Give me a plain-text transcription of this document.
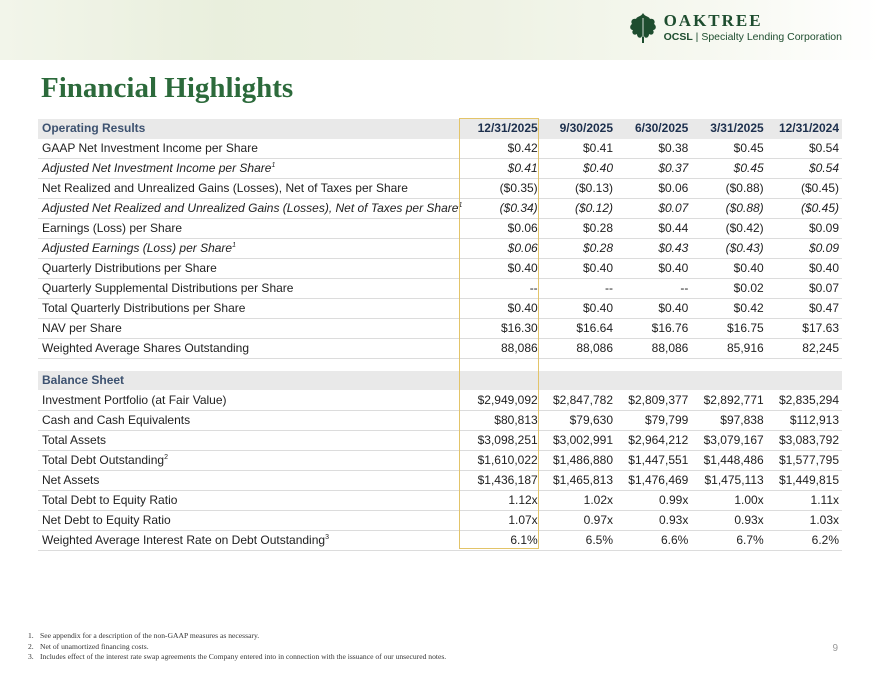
OAKTREE
OCSL | Specialty Lending Corporation
Financial Highlights
Operating Results	12/31/2025	9/30/2025	6/30/2025	3/31/2025	12/31/2024
GAAP Net Investment Income per Share	$0.42	$0.41	$0.38	$0.45	$0.54
Adjusted Net Investment Income per Share$^1$	$0.41	$0.40	$0.37	$0.45	$0.54
Net Realized and Unrealized Gains (Losses), Net of Taxes per Share	($0.35)	($0.13)	$0.06	($0.88)	($0.45)
Adjusted Net Realized and Unrealized Gains (Losses), Net of Taxes per Share$^1$	($0.34)	($0.12)	$0.07	($0.88)	($0.45)
Earnings (Loss) per Share	$0.06	$0.28	$0.44	($0.42)	$0.09
Adjusted Earnings (Loss) per Share$^1$	$0.06	$0.28	$0.43	($0.43)	$0.09
Quarterly Distributions per Share	$0.40	$0.40	$0.40	$0.40	$0.40
Quarterly Supplemental Distributions per Share	--	--	--	$0.02	$0.07
Total Quarterly Distributions per Share	$0.40	$0.40	$0.40	$0.42	$0.47
NAV per Share	$16.30	$16.64	$16.76	$16.75	$17.63
Weighted Average Shares Outstanding	88,086	88,086	88,086	85,916	82,245

Balance Sheet					
Investment Portfolio (at Fair Value)	$2,949,092	$2,847,782	$2,809,377	$2,892,771	$2,835,294
Cash and Cash Equivalents	$80,813	$79,630	$79,799	$97,838	$112,913
Total Assets	$3,098,251	$3,002,991	$2,964,212	$3,079,167	$3,083,792
Total Debt Outstanding$^2$	$1,610,022	$1,486,880	$1,447,551	$1,448,486	$1,577,795
Net Assets	$1,436,187	$1,465,813	$1,476,469	$1,475,113	$1,449,815
Total Debt to Equity Ratio	1.12x	1.02x	0.99x	1.00x	1.11x
Net Debt to Equity Ratio	1.07x	0.97x	0.93x	0.93x	1.03x
Weighted Average Interest Rate on Debt Outstanding$^3$	6.1%	6.5%	6.6%	6.7%	6.2%
1. See appendix for a description of the non-GAAP measures as necessary.
2. Net of unamortized financing costs.
3. Includes effect of the interest rate swap agreements the Company entered into in connection with the issuance of our unsecured notes.
9
